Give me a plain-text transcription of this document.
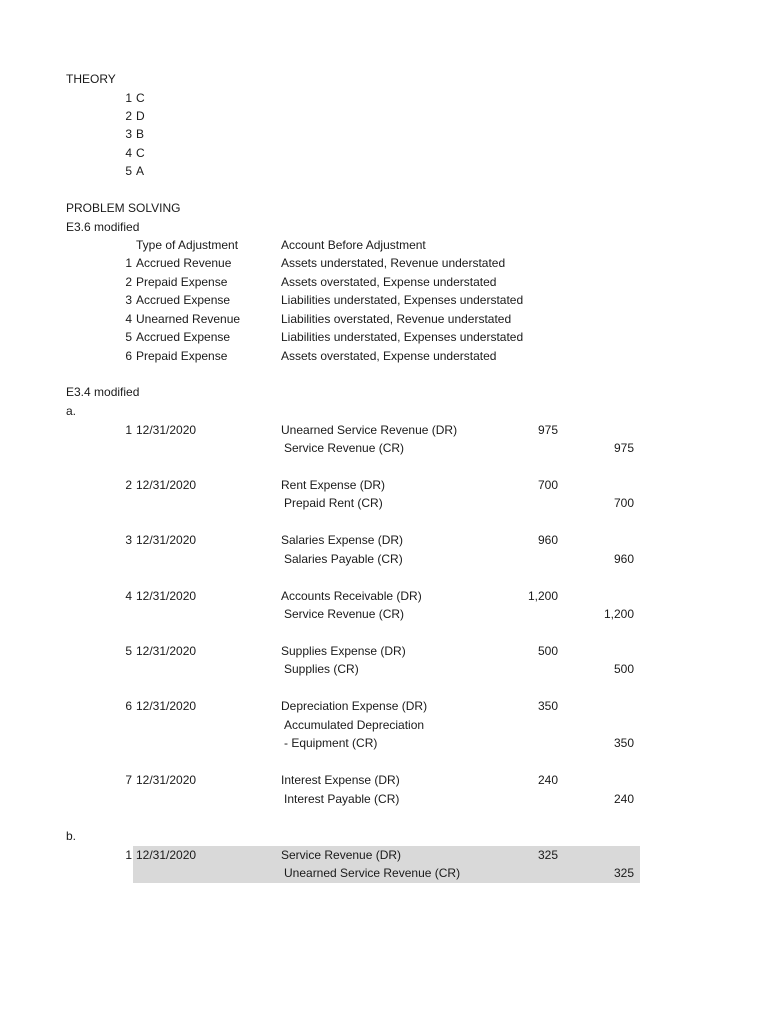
THEORY
1 C
2 D
3 B
4 C
5 A
PROBLEM SOLVING
E3.6 modified
Type of Adjustment	Account Before Adjustment
1 Accrued Revenue	Assets understated, Revenue understated
2 Prepaid Expense	Assets overstated, Expense understated
3 Accrued Expense	Liabilities understated, Expenses understated
4 Unearned Revenue	Liabilities overstated, Revenue understated
5 Accrued Expense	Liabilities understated, Expenses understated
6 Prepaid Expense	Assets overstated, Expense understated
E3.4 modified
a.
1 12/31/2020	Unearned Service Revenue (DR)	975
Service Revenue (CR)	975
2 12/31/2020	Rent Expense (DR)	700
Prepaid Rent (CR)	700
3 12/31/2020	Salaries Expense (DR)	960
Salaries Payable (CR)	960
4 12/31/2020	Accounts Receivable (DR)	1,200
Service Revenue (CR)	1,200
5 12/31/2020	Supplies Expense (DR)	500
Supplies (CR)	500
6 12/31/2020	Depreciation Expense (DR)	350
Accumulated Depreciation
- Equipment (CR)	350
7 12/31/2020	Interest Expense (DR)	240
Interest Payable (CR)	240
b.
1 12/31/2020	Service Revenue (DR)	325
Unearned Service Revenue (CR)	325
